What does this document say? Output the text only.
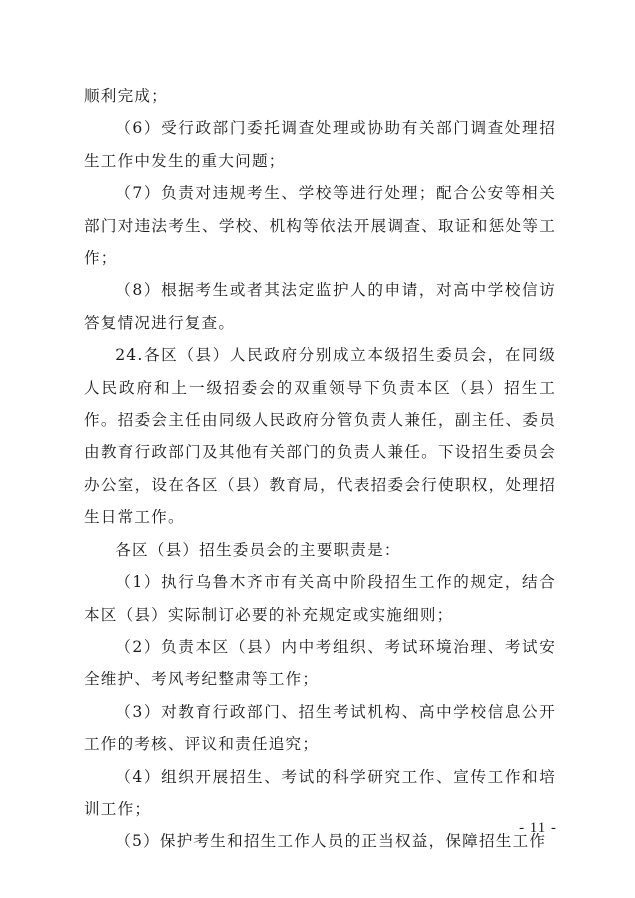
顺利完成；

（6）受行政部门委托调查处理或协助有关部门调查处理招生工作中发生的重大问题；

（7）负责对违规考生、学校等进行处理；配合公安等相关部门对违法考生、学校、机构等依法开展调查、取证和惩处等工作；

（8）根据考生或者其法定监护人的申请，对高中学校信访答复情况进行复查。

24.各区（县）人民政府分别成立本级招生委员会，在同级人民政府和上一级招委会的双重领导下负责本区（县）招生工作。招委会主任由同级人民政府分管负责人兼任，副主任、委员由教育行政部门及其他有关部门的负责人兼任。下设招生委员会办公室，设在各区（县）教育局，代表招委会行使职权，处理招生日常工作。

各区（县）招生委员会的主要职责是：

（1）执行乌鲁木齐市有关高中阶段招生工作的规定，结合本区（县）实际制订必要的补充规定或实施细则；

（2）负责本区（县）内中考组织、考试环境治理、考试安全维护、考风考纪整肃等工作；

（3）对教育行政部门、招生考试机构、高中学校信息公开工作的考核、评议和责任追究；

（4）组织开展招生、考试的科学研究工作、宣传工作和培训工作；

（5）保护考生和招生工作人员的正当权益，保障招生工作

- 11 -
